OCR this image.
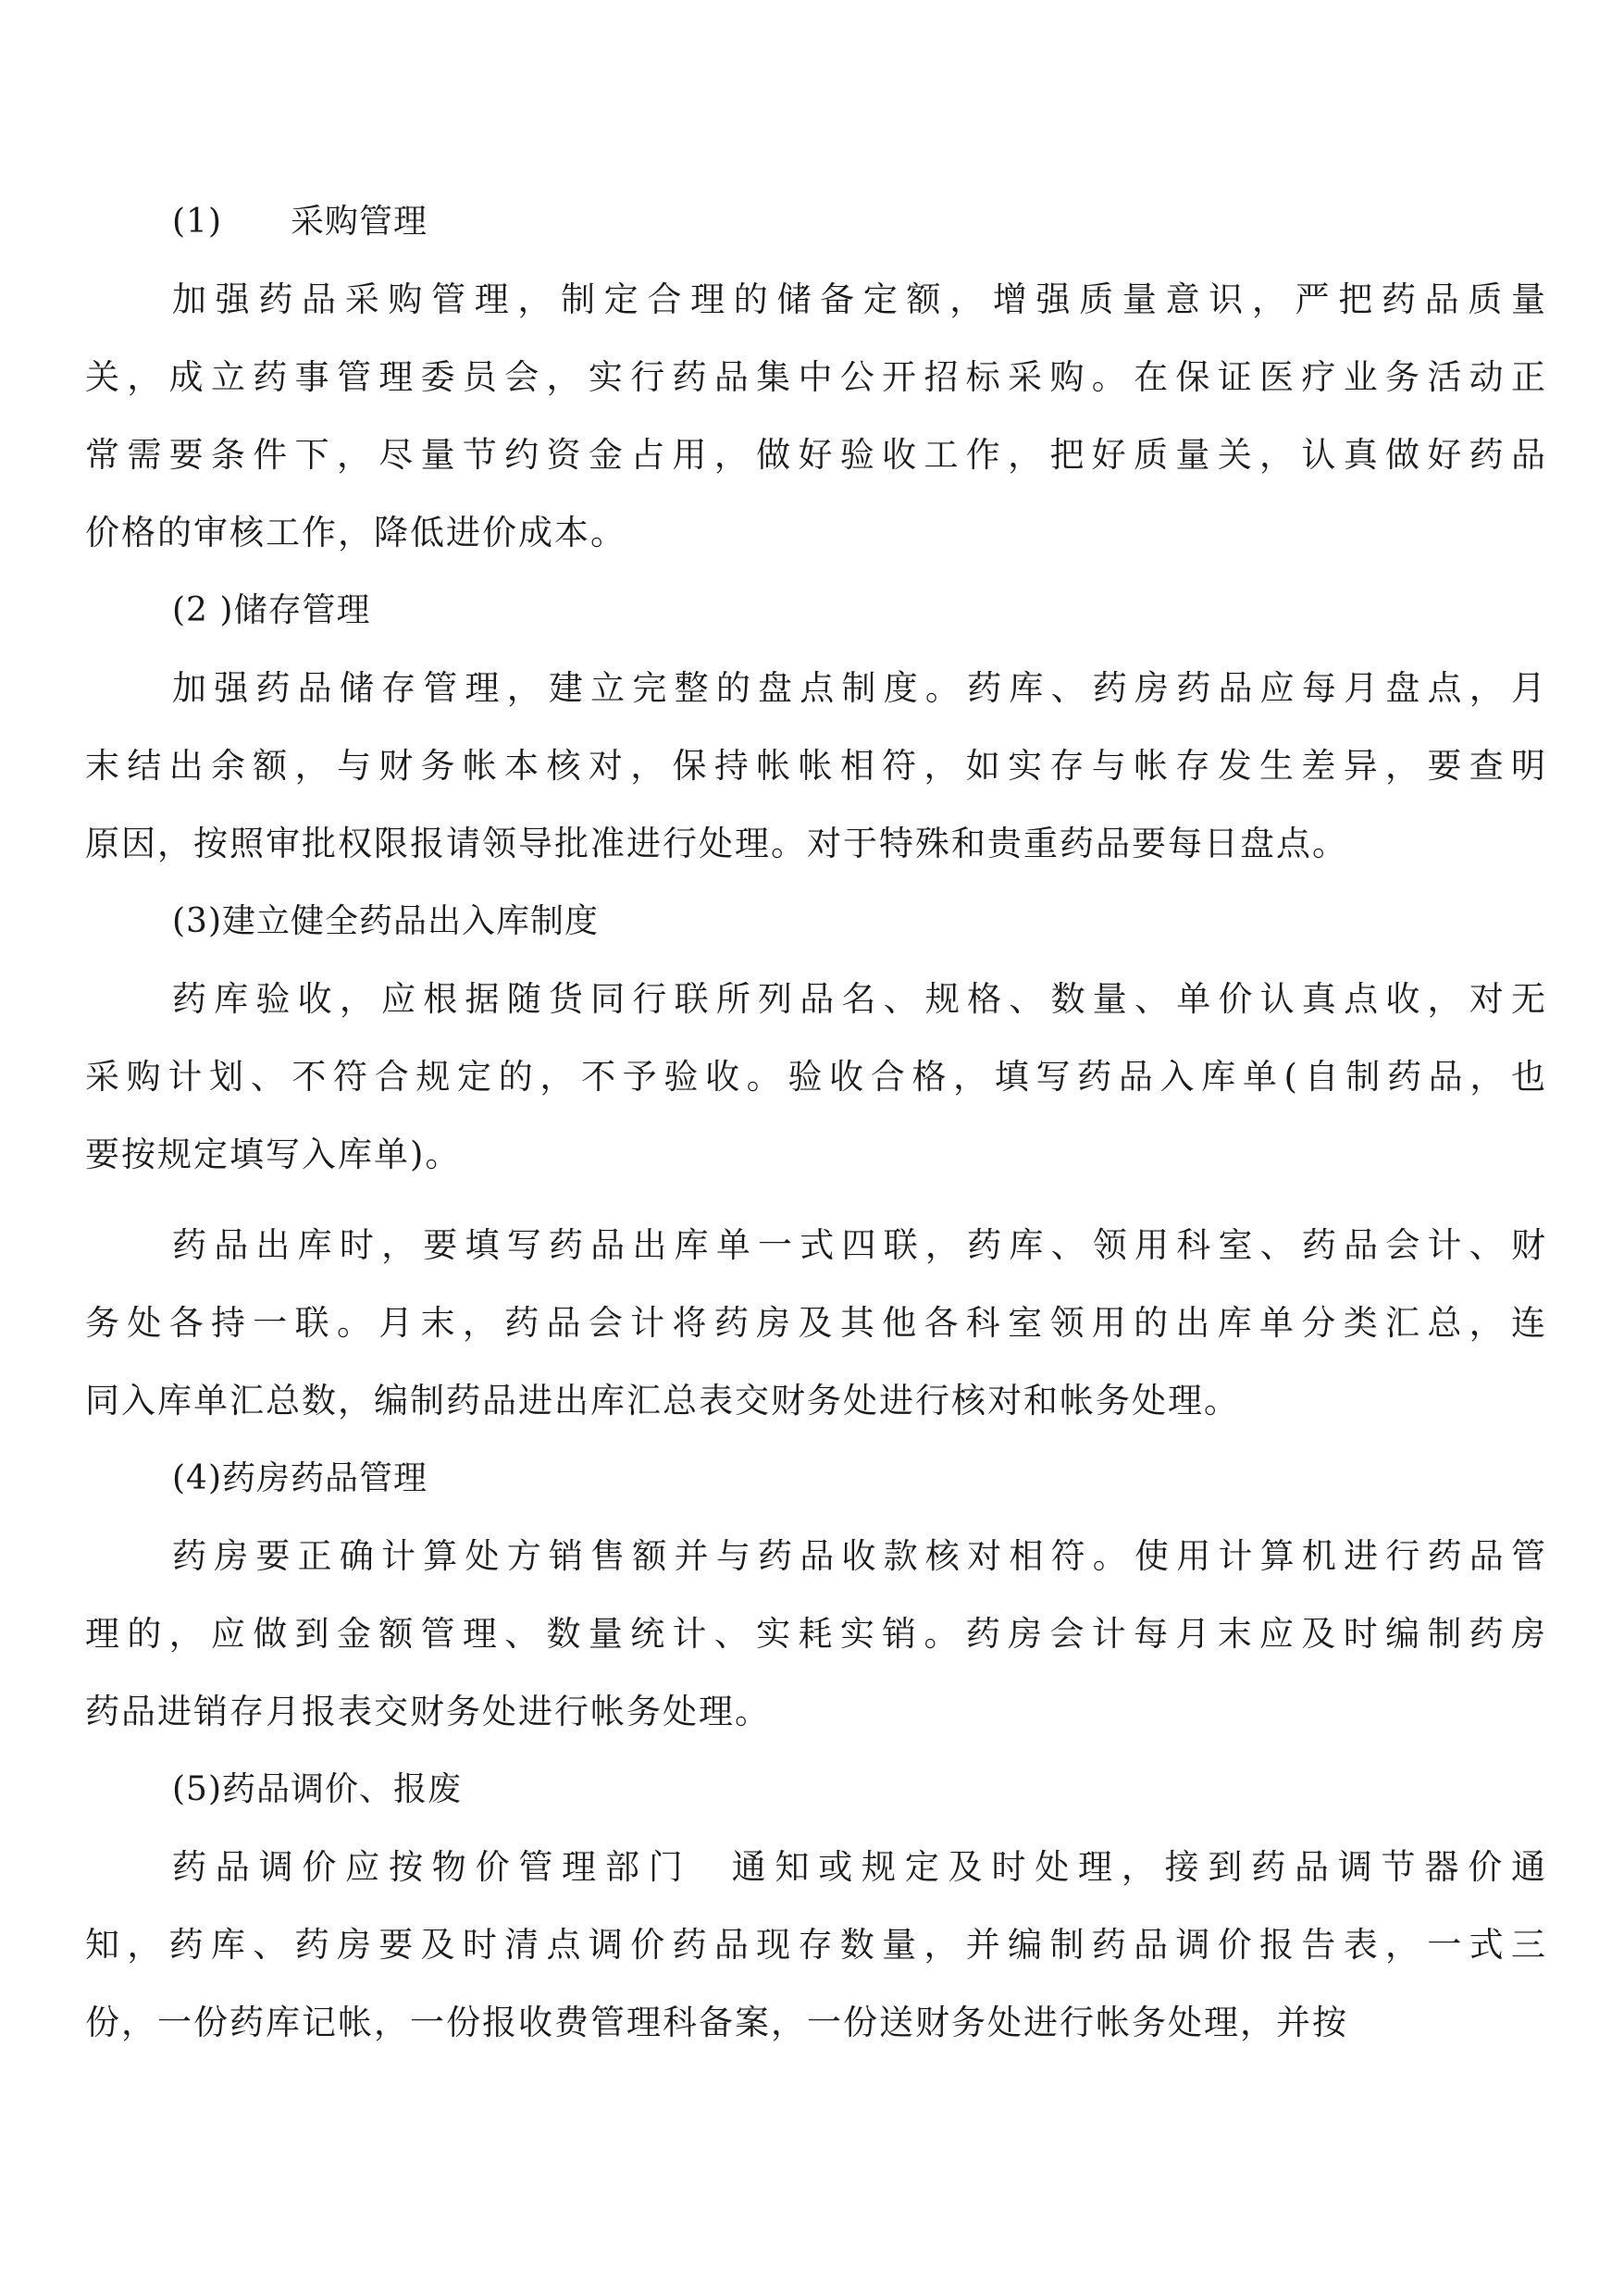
(1) 采购管理
加强药品采购管理，制定合理的储备定额，增强质量意识，严把药品质量
关，成立药事管理委员会，实行药品集中公开招标采购。在保证医疗业务活动正
常需要条件下，尽量节约资金占用，做好验收工作，把好质量关，认真做好药品
价格的审核工作，降低进价成本。
(2 )储存管理
加强药品储存管理，建立完整的盘点制度。药库、药房药品应每月盘点，月
末结出余额，与财务帐本核对，保持帐帐相符，如实存与帐存发生差异，要查明
原因，按照审批权限报请领导批准进行处理。对于特殊和贵重药品要每日盘点。
(3)建立健全药品出入库制度
药库验收，应根据随货同行联所列品名、规格、数量、单价认真点收，对无
采购计划、不符合规定的，不予验收。验收合格，填写药品入库单(自制药品，也
要按规定填写入库单)。
药品出库时，要填写药品出库单一式四联，药库、领用科室、药品会计、财
务处各持一联。月末，药品会计将药房及其他各科室领用的出库单分类汇总，连
同入库单汇总数，编制药品进出库汇总表交财务处进行核对和帐务处理。
(4)药房药品管理
药房要正确计算处方销售额并与药品收款核对相符。使用计算机进行药品管
理的，应做到金额管理、数量统计、实耗实销。药房会计每月末应及时编制药房
药品进销存月报表交财务处进行帐务处理。
(5)药品调价、报废
药品调价应按物价管理部门  通知或规定及时处理，接到药品调节器价通
知，药库、药房要及时清点调价药品现存数量，并编制药品调价报告表，一式三
份，一份药库记帐，一份报收费管理科备案，一份送财务处进行帐务处理，并按
